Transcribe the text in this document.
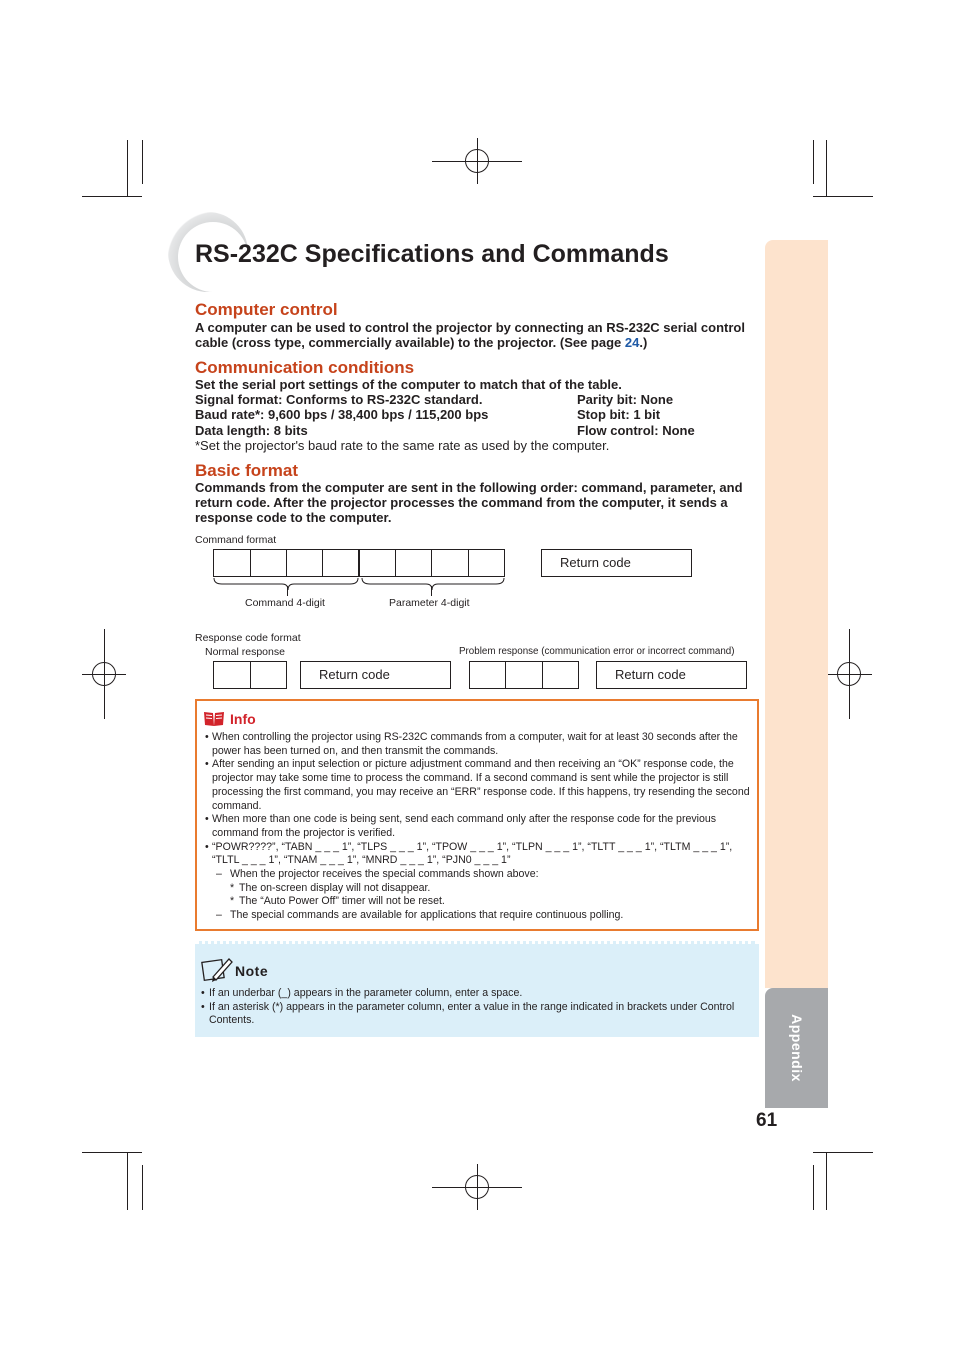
Appendix
61
RS-232C Specifications and Commands
Computer control
A computer can be used to control the projector by connecting an RS-232C serial control cable (cross type, commercially available) to the projector. (See page 24.)
Communication conditions
Set the serial port settings of the computer to match that of the table.
Signal format: Conforms to RS-232C standard.	Parity bit: None
Baud rate*: 9,600 bps / 38,400 bps / 115,200 bps	Stop bit: 1 bit
Data length: 8 bits	Flow control: None
*Set the projector's baud rate to the same rate as used by the computer.
Basic format
Commands from the computer are sent in the following order: command, parameter, and return code. After the projector processes the command from the computer, it sends a response code to the computer.
Command format
Return code
Command 4-digit	Parameter 4-digit
Response code format
Normal response	Problem response (communication error or incorrect command)
Return code	Return code
Info
• When controlling the projector using RS-232C commands from a computer, wait for at least 30 seconds after the power has been turned on, and then transmit the commands.
• After sending an input selection or picture adjustment command and then receiving an “OK” response code, the projector may take some time to process the command. If a second command is sent while the projector is still processing the first command, you may receive an “ERR” response code. If this happens, try resending the second command.
• When more than one code is being sent, send each command only after the response code for the previous command from the projector is verified.
• “POWR????”, “TABN _ _ _ 1”, “TLPS _ _ _ 1”, “TPOW _ _ _ 1”, “TLPN _ _ _ 1”, “TLTT _ _ _ 1”, “TLTM _ _ _ 1”, “TLTL _ _ _ 1”, “TNAM _ _ _ 1”, “MNRD _ _ _ 1”, “PJN0 _ _ _ 1”
– When the projector receives the special commands shown above:
* The on-screen display will not disappear.
* The “Auto Power Off” timer will not be reset.
– The special commands are available for applications that require continuous polling.
Note
• If an underbar (_) appears in the parameter column, enter a space.
• If an asterisk (*) appears in the parameter column, enter a value in the range indicated in brackets under Control Contents.
